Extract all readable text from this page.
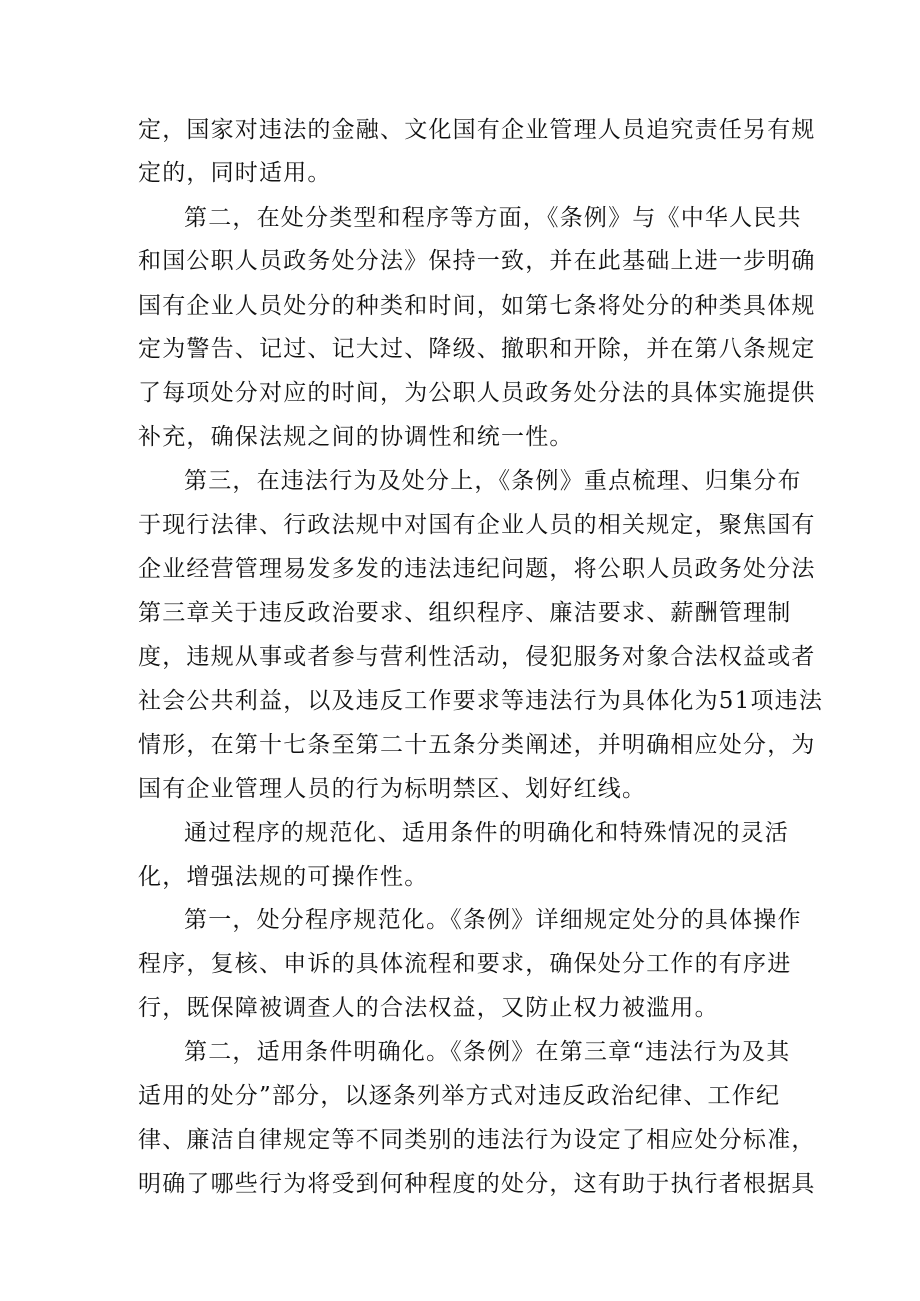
定，国家对违法的金融、文化国有企业管理人员追究责任另有规
定的，同时适用。
第二，在处分类型和程序等方面，《条例》与《中华人民共
和国公职人员政务处分法》保持一致，并在此基础上进一步明确
国有企业人员处分的种类和时间，如第七条将处分的种类具体规
定为警告、记过、记大过、降级、撤职和开除，并在第八条规定
了每项处分对应的时间，为公职人员政务处分法的具体实施提供
补充，确保法规之间的协调性和统一性。
第三，在违法行为及处分上，《条例》重点梳理、归集分布
于现行法律、行政法规中对国有企业人员的相关规定，聚焦国有
企业经营管理易发多发的违法违纪问题，将公职人员政务处分法
第三章关于违反政治要求、组织程序、廉洁要求、薪酬管理制
度，违规从事或者参与营利性活动，侵犯服务对象合法权益或者
社会公共利益，以及违反工作要求等违法行为具体化为51项违法
情形，在第十七条至第二十五条分类阐述，并明确相应处分，为
国有企业管理人员的行为标明禁区、划好红线。
通过程序的规范化、适用条件的明确化和特殊情况的灵活
化，增强法规的可操作性。
第一，处分程序规范化。《条例》详细规定处分的具体操作
程序，复核、申诉的具体流程和要求，确保处分工作的有序进
行，既保障被调查人的合法权益，又防止权力被滥用。
第二，适用条件明确化。《条例》在第三章“违法行为及其
适用的处分”部分，以逐条列举方式对违反政治纪律、工作纪
律、廉洁自律规定等不同类别的违法行为设定了相应处分标准，
明确了哪些行为将受到何种程度的处分，这有助于执行者根据具
